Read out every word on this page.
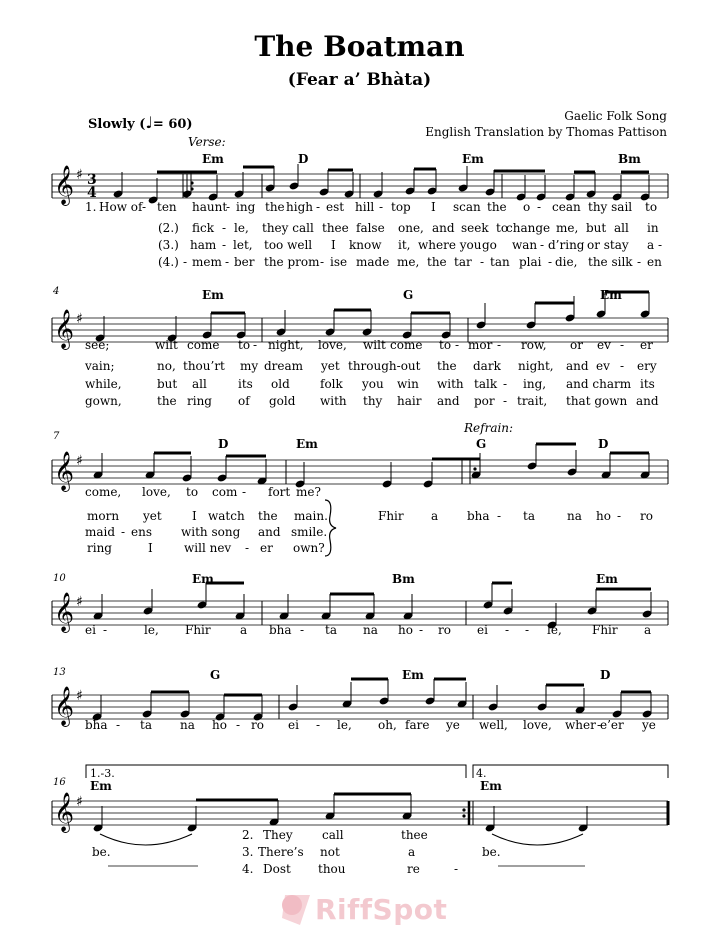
The Boatman
(Fear a’ Bhàta)
Gaelic Folk Song
English Translation by Thomas Pattison
Slowly (♩= 60)
Verse:
Refrain:
4
7
10
13
16
1.-3.	4.
𝄞 ♯
𝄞 ♯
𝄞 ♯
𝄞 ♯
𝄞 ♯
𝄞 ♯
3
4
Em	D	Em	Bm
1. How of - ten haunt
- ing the high - est hill - top I scan the o - cean thy sail to
(2.) fick - le, they call thee false one, and seek to
change me, but all in
(3.) ham - let, too well I know it, where you go wan - d’ring or stay a -
(4.) - mem - ber the prom - ise made me, the tar - tan plai - die, the silk - en
Em	G	Em
see;	wilt come to - night, love, wilt come to - mor - row, or ev - er
vain;	no, thou’rt my dream yet through-out the dark night, and ev - ery
while,	but all	its old	folk you win with talk - ing, and charm its
gown,	the ring of gold with thy hair and por - trait, that gown and
D	Em	G	D
come, love, to com - fort me?
morn yet	I watch the main.
maid - ens with song and smile.
ring	I	will nev - er own?
Fhir a bha - ta	na ho - ro
Em	Bm	Em
ei -	le, Fhir a bha - ta na ho - ro ei - - le,	Fhir a
G	Em	D
bha - ta na ho - ro ei - le, oh, fare ye well, love, wher -
e’er ye
Em	Em
2. They call	thee
be.	3. There’s not	a	be.
4. Dost thou	re	-
RiffSpot
